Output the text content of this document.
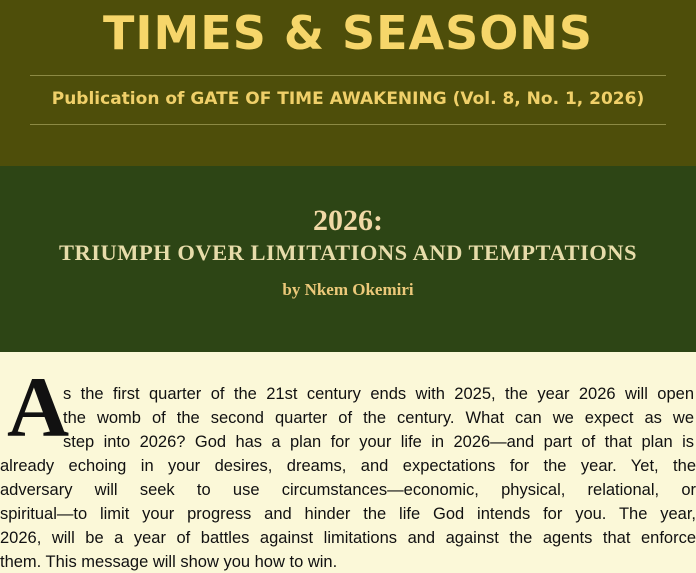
TIMES & SEASONS
Publication of GATE OF TIME AWAKENING (Vol. 8, No. 1, 2026)
2026:
TRIUMPH OVER LIMITATIONS AND TEMPTATIONS
by Nkem Okemiri
A
s the first quarter of the 21st century ends with 2025, the year 2026 will open
the womb of the second quarter of the century. What can we expect as we
step into 2026? God has a plan for your life in 2026—and part of that plan is
already echoing in your desires, dreams, and expectations for the year. Yet, the
adversary will seek to use circumstances—economic, physical, relational, or
spiritual—to limit your progress and hinder the life God intends for you. The year,
2026, will be a year of battles against limitations and against the agents that enforce
them. This message will show you how to win.
